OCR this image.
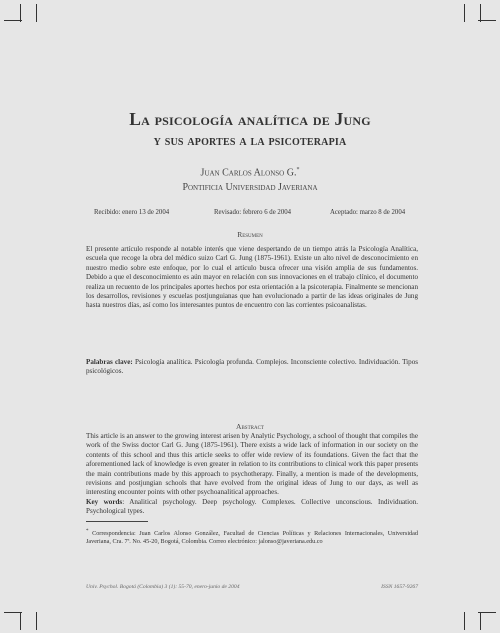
La psicología analítica de Jung
y sus aportes a la psicoterapia
Juan Carlos Alonso G.*
Pontificia Universidad Javeriana
Recibido: enero 13 de 2004	Revisado: febrero 6 de 2004	Aceptado: marzo 8 de 2004
Resumen
El presente artículo responde al notable interés que viene despertando de un tiempo atrás la Psicología Analítica, escuela que recoge la obra del médico suizo Carl G. Jung (1875-1961). Existe un alto nivel de desconocimiento en nuestro medio sobre este enfoque, por lo cual el artículo busca ofrecer una visión amplia de sus fundamentos. Debido a que el desconocimiento es aún mayor en relación con sus innovaciones en el trabajo clínico, el documento realiza un recuento de los principales aportes hechos por esta orientación a la psicoterapia. Finalmente se mencionan los desarrollos, revisiones y escuelas postjunguianas que han evolucionado a partir de las ideas originales de Jung hasta nuestros días, así como los interesantes puntos de encuentro con las corrientes psicoanalistas.
Palabras clave: Psicología analítica. Psicología profunda. Complejos. Inconsciente colectivo. Individuación. Tipos psicológicos.
Abstract
This article is an answer to the growing interest arisen by Analytic Psychology, a school of thought that compiles the work of the Swiss doctor Carl G. Jung (1875-1961). There exists a wide lack of information in our society on the contents of this school and thus this article seeks to offer wide review of its foundations. Given the fact that the aforementioned lack of knowledge is even greater in relation to its contributions to clinical work this paper presents the main contributions made by this approach to psychotherapy. Finally, a mention is made of the developments, revisions and postjungian schools that have evolved from the original ideas of Jung to our days, as well as interesting encounter points with other psychoanalitical approaches.
Key words: Analitical psychology. Deep psychology. Complexes. Collective unconscious. Individuation. Psychological types.
* Correspondencia: Juan Carlos Alonso González, Facultad de Ciencias Políticas y Relaciones Internacionales, Universidad Javeriana, Cra. 7ª. No. 45-20, Bogotá, Colombia. Correo electrónico: jalonso@javeriana.edu.co
Univ. Psychol. Bogotá (Colombia) 3 (1): 55-70, enero-junio de 2004	ISSN 1657-9267
